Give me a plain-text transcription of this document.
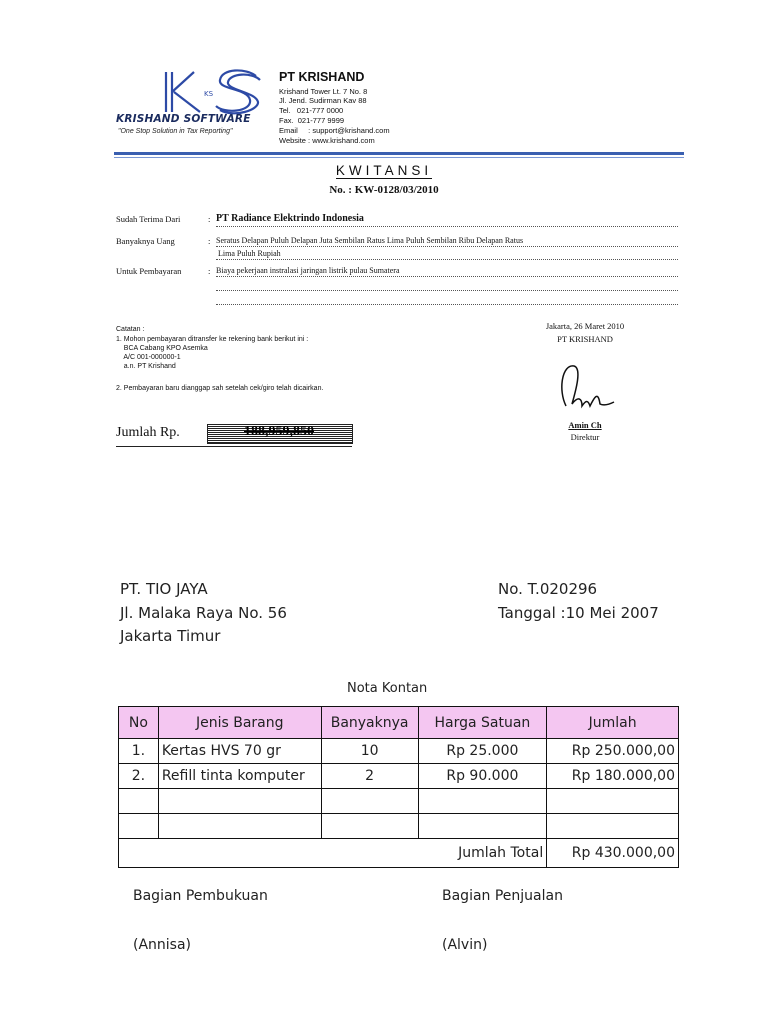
KS
KRISHAND SOFTWARE
"One Stop Solution in Tax Reporting"
PT KRISHAND
Krishand Tower Lt. 7 No. 8
Jl. Jend. Sudirman Kav 88
Tel.   021-777 0000
Fax.  021-777 9999
Email     : support@krishand.com
Website : www.krishand.com
KWITANSI
No. : KW-0128/03/2010
Sudah Terima Dari	: PT Radiance Elektrindo Indonesia
Banyaknya Uang	: Seratus Delapan Puluh Delapan Juta Sembilan Ratus Lima Puluh Sembilan Ribu Delapan Ratus
Lima Puluh Rupiah
Untuk Pembayaran	: Biaya pekerjaan instralasi jaringan listrik pulau Sumatera
Catatan :
1. Mohon pembayaran ditransfer ke rekening bank berikut ini :
BCA Cabang KPO Asemka
A/C 001-000000-1
a.n. PT Krishand
2. Pembayaran baru dianggap sah setelah cek/giro telah dicairkan.
Jakarta, 26 Maret 2010
PT KRISHAND
Amin Ch
Direktur
Jumlah Rp.	188,959,850
PT. TIO JAYA
Jl. Malaka Raya No. 56
Jakarta Timur
No. T.020296
Tanggal :10 Mei 2007
Nota Kontan
No	Jenis Barang	Banyaknya	Harga Satuan	Jumlah
1.	Kertas HVS 70 gr	10	Rp 25.000	Rp 250.000,00
2.	Refill tinta komputer	2	Rp 90.000	Rp 180.000,00

Jumlah Total				Rp 430.000,00
Bagian Pembukuan	Bagian Penjualan
(Annisa)	(Alvin)
